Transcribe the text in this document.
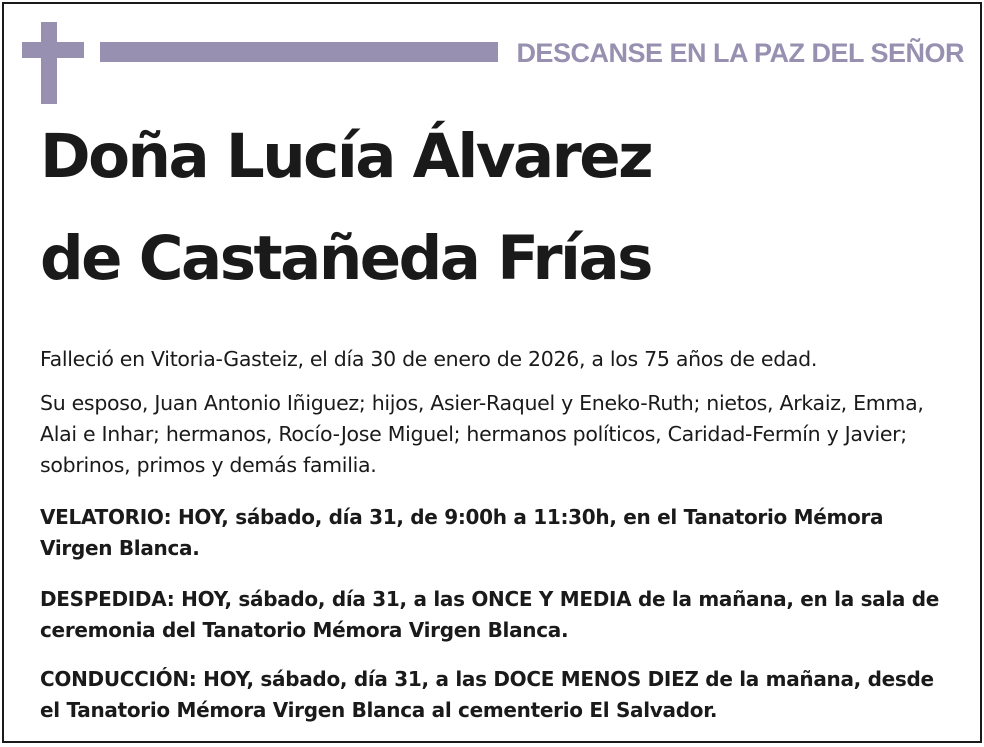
DESCANSE EN LA PAZ DEL SEÑOR
Doña Lucía Álvarez
de Castañeda Frías
Falleció en Vitoria-Gasteiz, el día 30 de enero de 2026, a los 75 años de edad.
Su esposo, Juan Antonio Iñiguez; hijos, Asier-Raquel y Eneko-Ruth; nietos, Arkaiz, Emma, Alai e Inhar; hermanos, Rocío-Jose Miguel; hermanos políticos, Caridad-Fermín y Javier; sobrinos, primos y demás familia.
VELATORIO: HOY, sábado, día 31, de 9:00h a 11:30h, en el Tanatorio Mémora Virgen Blanca.
DESPEDIDA: HOY, sábado, día 31, a las ONCE Y MEDIA de la mañana, en la sala de ceremonia del Tanatorio Mémora Virgen Blanca.
CONDUCCIÓN: HOY, sábado, día 31, a las DOCE MENOS DIEZ de la mañana, desde el Tanatorio Mémora Virgen Blanca al cementerio El Salvador.
